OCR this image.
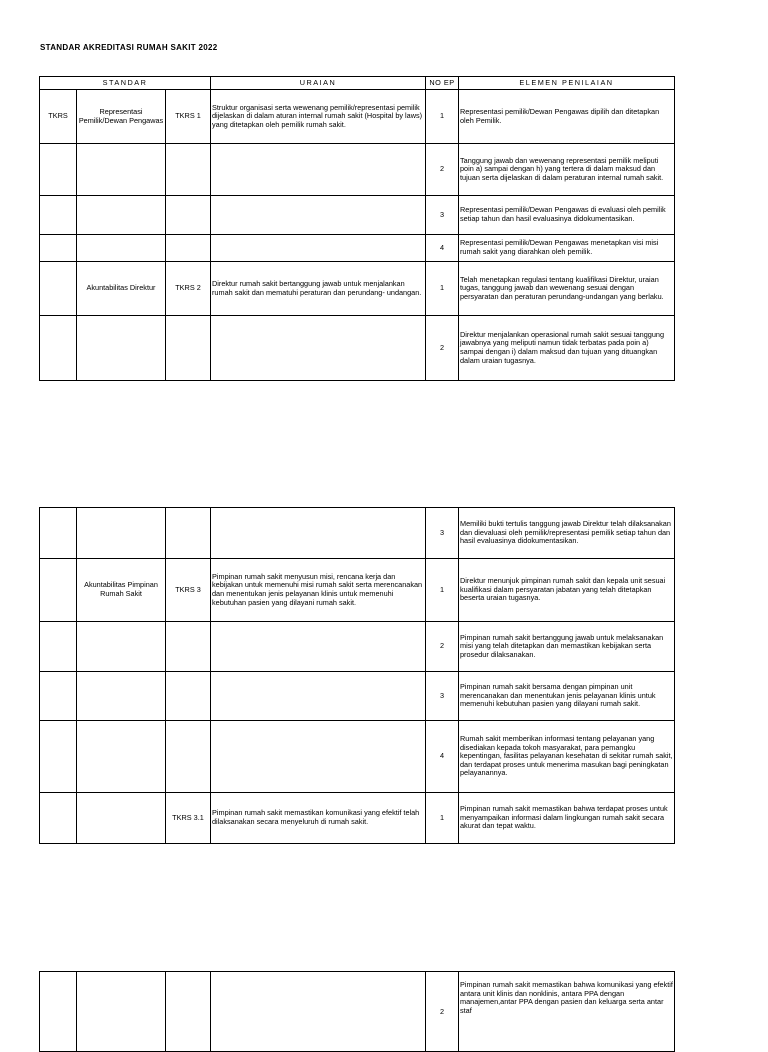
STANDAR AKREDITASI RUMAH SAKIT 2022
STANDAR			URAIAN	NO EP	ELEMEN PENILAIAN
TKRS	Representasi Pemilik/Dewan Pengawas	TKRS 1	Struktur organisasi serta wewenang pemilik/representasi pemilik dijelaskan di dalam aturan internal rumah sakit (Hospital by laws) yang ditetapkan oleh pemilik rumah sakit.	1	Representasi pemilik/Dewan Pengawas dipilih dan ditetapkan oleh Pemilik.
				2	Tanggung jawab dan wewenang representasi pemilik meliputi poin a) sampai dengan h) yang tertera di dalam maksud dan tujuan serta dijelaskan di dalam peraturan internal rumah sakit.
				3	Representasi pemilik/Dewan Pengawas di evaluasi oleh pemilik setiap tahun dan hasil evaluasinya didokumentasikan.
				4	Representasi pemilik/Dewan Pengawas menetapkan visi misi rumah sakit yang diarahkan oleh pemilik.
	Akuntabilitas Direktur	TKRS 2	Direktur rumah sakit bertanggung jawab untuk menjalankan rumah sakit dan mematuhi peraturan dan perundang- undangan.	1	Telah menetapkan regulasi tentang kualifikasi Direktur, uraian tugas, tanggung jawab dan wewenang sesuai dengan persyaratan dan peraturan perundang-undangan yang berlaku.
				2	Direktur menjalankan operasional rumah sakit sesuai tanggung jawabnya yang meliputi namun tidak terbatas pada poin a) sampai dengan i) dalam maksud dan tujuan yang dituangkan dalam uraian tugasnya.
				3	Memiliki bukti tertulis tanggung jawab Direktur telah dilaksanakan dan dievaluasi oleh pemilik/representasi pemilik setiap tahun dan hasil evaluasinya didokumentasikan.
	Akuntabilitas Pimpinan Rumah Sakit	TKRS 3	Pimpinan rumah sakit menyusun misi, rencana kerja dan kebijakan untuk memenuhi misi rumah sakit serta merencanakan dan menentukan jenis pelayanan klinis untuk memenuhi kebutuhan pasien yang dilayani rumah sakit.	1	Direktur menunjuk pimpinan rumah sakit dan kepala unit sesuai kualifikasi dalam persyaratan jabatan yang telah ditetapkan beserta uraian tugasnya.
				2	Pimpinan rumah sakit bertanggung jawab untuk melaksanakan misi yang telah ditetapkan dan memastikan kebijakan serta prosedur dilaksanakan.
				3	Pimpinan rumah sakit bersama dengan pimpinan unit merencanakan dan menentukan jenis pelayanan klinis untuk memenuhi kebutuhan pasien yang dilayani rumah sakit.
				4	Rumah sakit memberikan informasi tentang pelayanan yang disediakan kepada tokoh masyarakat, para pemangku kepentingan, fasilitas pelayanan kesehatan di sekitar rumah sakit, dan terdapat proses untuk menerima masukan bagi peningkatan pelayanannya.
		TKRS 3.1	Pimpinan rumah sakit memastikan komunikasi yang efektif telah dilaksanakan secara menyeluruh di rumah sakit.	1	Pimpinan rumah sakit memastikan bahwa terdapat proses untuk menyampaikan informasi dalam lingkungan rumah sakit secara akurat dan tepat waktu.
				2	Pimpinan rumah sakit memastikan bahwa komunikasi yang efektif antara unit klinis dan nonklinis, antara PPA dengan manajemen,antar PPA dengan pasien dan keluarga serta antar staf
